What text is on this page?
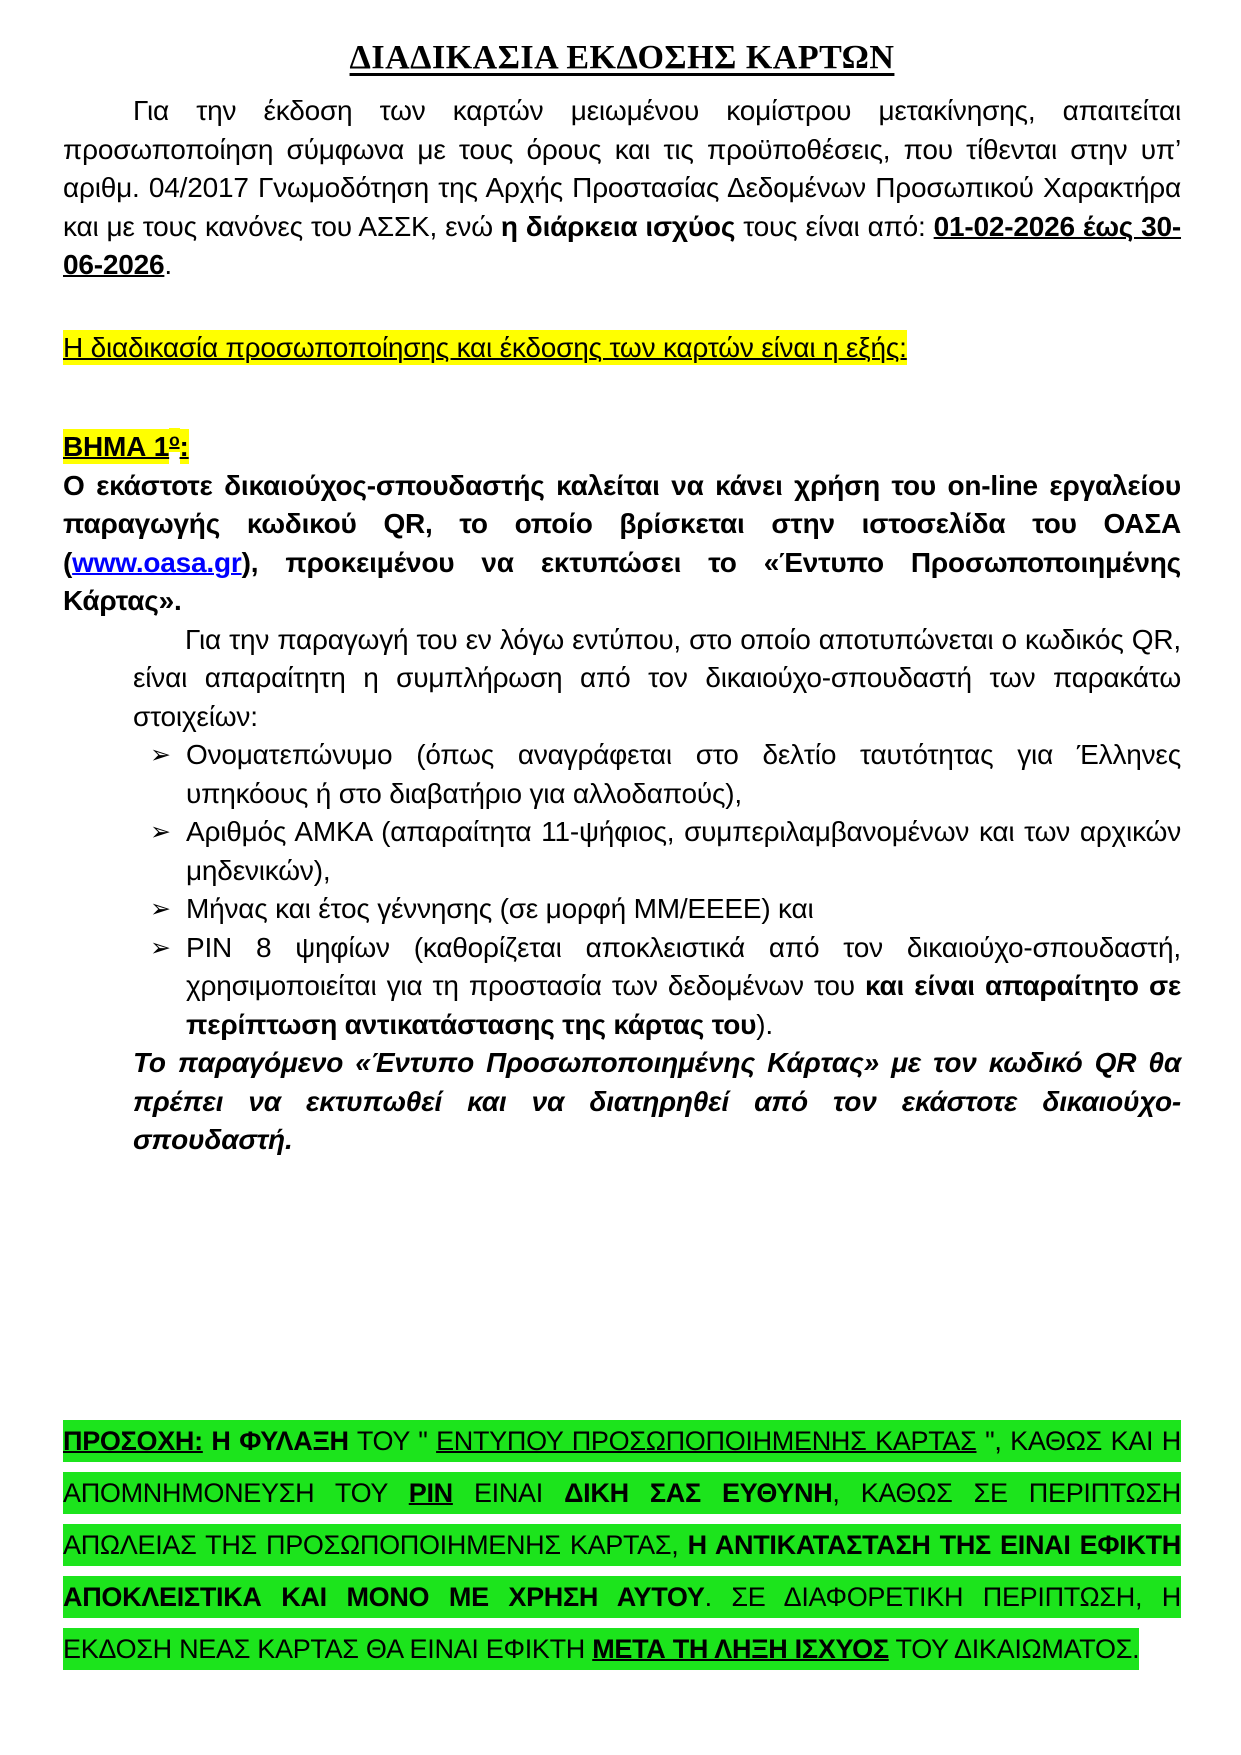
ΔΙΑΔΙΚΑΣΙΑ ΕΚΔΟΣΗΣ ΚΑΡΤΩΝ
Για την έκδοση των καρτών μειωμένου κομίστρου μετακίνησης, απαιτείται προσωποποίηση σύμφωνα με τους όρους και τις προϋποθέσεις, που τίθενται στην υπ’ αριθμ. 04/2017 Γνωμοδότηση της Αρχής Προστασίας Δεδομένων Προσωπικού Χαρακτήρα και με τους κανόνες του ΑΣΣΚ, ενώ η διάρκεια ισχύος τους είναι από: 01-02-2026 έως 30-06-2026.
Η διαδικασία προσωποποίησης και έκδοσης των καρτών είναι η εξής:
ΒΗΜΑ $1^o$:
Ο εκάστοτε δικαιούχος-σπουδαστής καλείται να κάνει χρήση του on-line εργαλείου παραγωγής κωδικού QR, το οποίο βρίσκεται στην ιστοσελίδα του ΟΑΣΑ (www.oasa.gr), προκειμένου να εκτυπώσει το «Έντυπο Προσωποποιημένης Κάρτας».
Για την παραγωγή του εν λόγω εντύπου, στο οποίο αποτυπώνεται ο κωδικός QR, είναι απαραίτητη η συμπλήρωση από τον δικαιούχο-σπουδαστή των παρακάτω στοιχείων:
➢ Ονοματεπώνυμο (όπως αναγράφεται στο δελτίο ταυτότητας για Έλληνες υπηκόους ή στο διαβατήριο για αλλοδαπούς),
➢ Αριθμός ΑΜΚΑ (απαραίτητα 11-ψήφιος, συμπεριλαμβανομένων και των αρχικών μηδενικών),
➢ Μήνας και έτος γέννησης (σε μορφή ΜΜ/ΕΕΕΕ) και
➢ PIN 8 ψηφίων (καθορίζεται αποκλειστικά από τον δικαιούχο-σπουδαστή, χρησιμοποιείται για τη προστασία των δεδομένων του και είναι απαραίτητο σε περίπτωση αντικατάστασης της κάρτας του).
Το παραγόμενο «Έντυπο Προσωποποιημένης Κάρτας» με τον κωδικό QR θα πρέπει να εκτυπωθεί και να διατηρηθεί από τον εκάστοτε δικαιούχο-σπουδαστή.
ΠΡΟΣΟΧΗ: Η ΦΥΛΑΞΗ ΤΟΥ " ΕΝΤΥΠΟΥ ΠΡΟΣΩΠΟΠΟΙΗΜΕΝΗΣ ΚΑΡΤΑΣ ", ΚΑΘΩΣ ΚΑΙ Η ΑΠΟΜΝΗΜΟΝΕΥΣΗ ΤΟΥ PIN ΕΙΝΑΙ ΔΙΚΗ ΣΑΣ ΕΥΘΥΝΗ, ΚΑΘΩΣ ΣΕ ΠΕΡΙΠΤΩΣΗ ΑΠΩΛΕΙΑΣ ΤΗΣ ΠΡΟΣΩΠΟΠΟΙΗΜΕΝΗΣ ΚΑΡΤΑΣ, Η ΑΝΤΙΚΑΤΑΣΤΑΣΗ ΤΗΣ ΕΙΝΑΙ ΕΦΙΚΤΗ ΑΠΟΚΛΕΙΣΤΙΚΑ ΚΑΙ ΜΟΝΟ ΜΕ ΧΡΗΣΗ ΑΥΤΟΥ. ΣΕ ΔΙΑΦΟΡΕΤΙΚΗ ΠΕΡΙΠΤΩΣΗ, Η ΕΚΔΟΣΗ ΝΕΑΣ ΚΑΡΤΑΣ ΘΑ ΕΙΝΑΙ ΕΦΙΚΤΗ ΜΕΤΑ ΤΗ ΛΗΞΗ ΙΣΧΥΟΣ ΤΟΥ ΔΙΚΑΙΩΜΑΤΟΣ.
